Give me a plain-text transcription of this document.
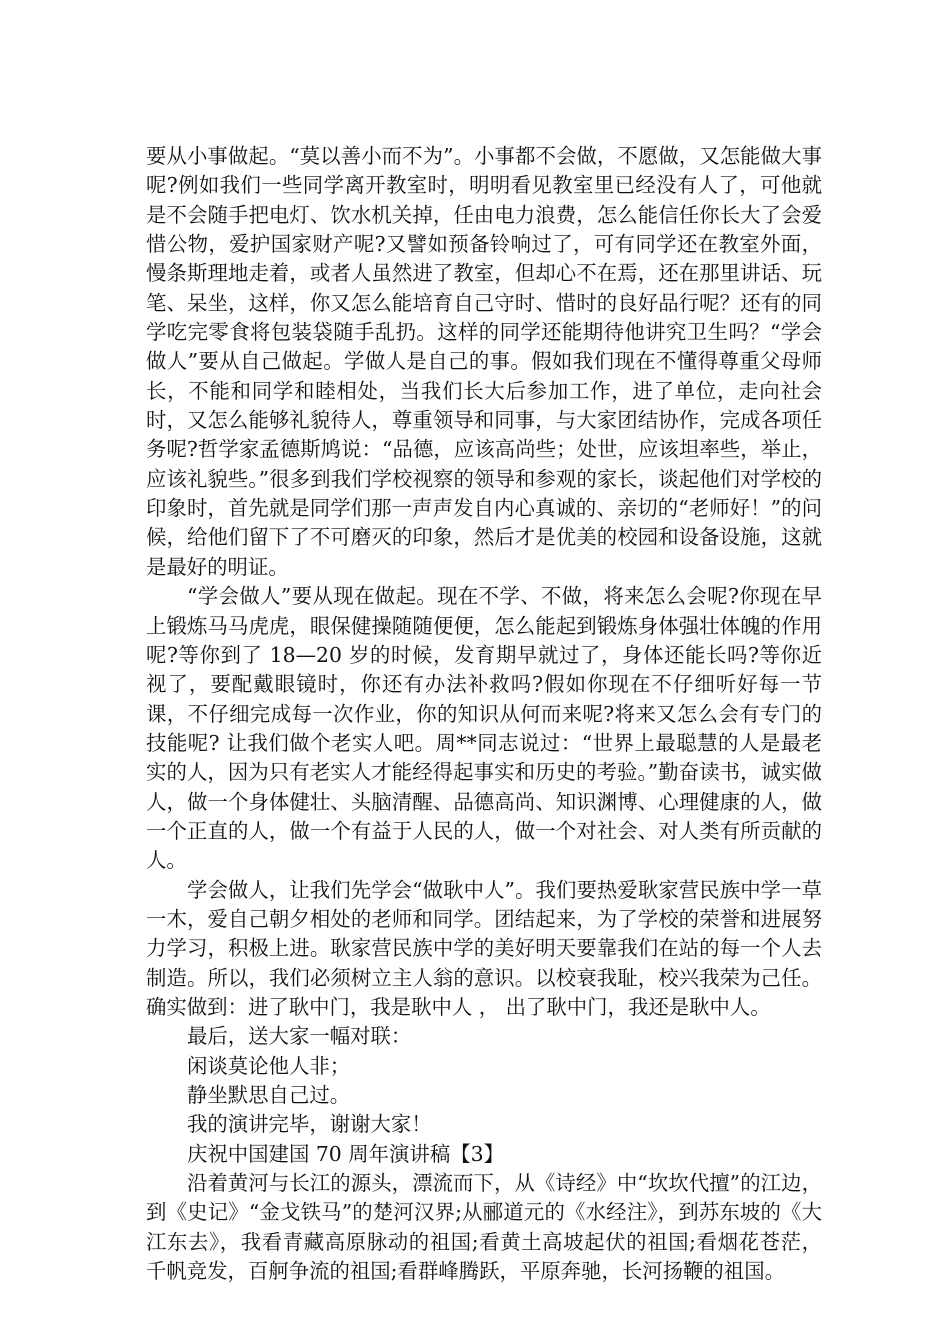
要从小事做起。“莫以善小而不为”。小事都不会做，不愿做，又怎能做大事呢?例如我们一些同学离开教室时，明明看见教室里已经没有人了，可他就是不会随手把电灯、饮水机关掉，任由电力浪费，怎么能信任你长大了会爱惜公物，爱护国家财产呢?又譬如预备铃响过了，可有同学还在教室外面，慢条斯理地走着，或者人虽然进了教室，但却心不在焉，还在那里讲话、玩笔、呆坐，这样，你又怎么能培育自己守时、惜时的良好品行呢？还有的同学吃完零食将包装袋随手乱扔。这样的同学还能期待他讲究卫生吗？“学会做人”要从自己做起。学做人是自己的事。假如我们现在不懂得尊重父母师长，不能和同学和睦相处，当我们长大后参加工作，进了单位，走向社会时，又怎么能够礼貌待人，尊重领导和同事，与大家团结协作，完成各项任务呢?哲学家孟德斯鸠说：“品德，应该高尚些；处世，应该坦率些，举止，应该礼貌些。”很多到我们学校视察的领导和参观的家长，谈起他们对学校的印象时，首先就是同学们那一声声发自内心真诚的、亲切的“老师好！”的问候，给他们留下了不可磨灭的印象，然后才是优美的校园和设备设施，这就是最好的明证。

“学会做人”要从现在做起。现在不学、不做，将来怎么会呢?你现在早上锻炼马马虎虎，眼保健操随随便便，怎么能起到锻炼身体强壮体魄的作用呢?等你到了 18—20 岁的时候，发育期早就过了，身体还能长吗?等你近视了，要配戴眼镜时，你还有办法补救吗?假如你现在不仔细听好每一节课，不仔细完成每一次作业，你的知识从何而来呢?将来又怎么会有专门的技能呢? 让我们做个老实人吧。周**同志说过：“世界上最聪慧的人是最老实的人，因为只有老实人才能经得起事实和历史的考验。”勤奋读书，诚实做人，做一个身体健壮、头脑清醒、品德高尚、知识渊博、心理健康的人，做一个正直的人，做一个有益于人民的人，做一个对社会、对人类有所贡献的人。

学会做人，让我们先学会“做耿中人”。我们要热爱耿家营民族中学一草一木，爱自己朝夕相处的老师和同学。团结起来，为了学校的荣誉和进展努力学习，积极上进。耿家营民族中学的美好明天要靠我们在站的每一个人去制造。所以，我们必须树立主人翁的意识。以校衰我耻，校兴我荣为己任。确实做到：进了耿中门，我是耿中人 ， 出了耿中门，我还是耿中人。

最后，送大家一幅对联：

闲谈莫论他人非；

静坐默思自己过。

我的演讲完毕，谢谢大家！

庆祝中国建国 70 周年演讲稿【3】

沿着黄河与长江的源头，漂流而下，从《诗经》中“坎坎代擅”的江边，到《史记》“金戈铁马”的楚河汉界;从郦道元的《水经注》，到苏东坡的《大江东去》，我看青藏高原脉动的祖国;看黄土高坡起伏的祖国;看烟花苍茫，千帆竞发，百舸争流的祖国;看群峰腾跃，平原奔驰，长河扬鞭的祖国。
